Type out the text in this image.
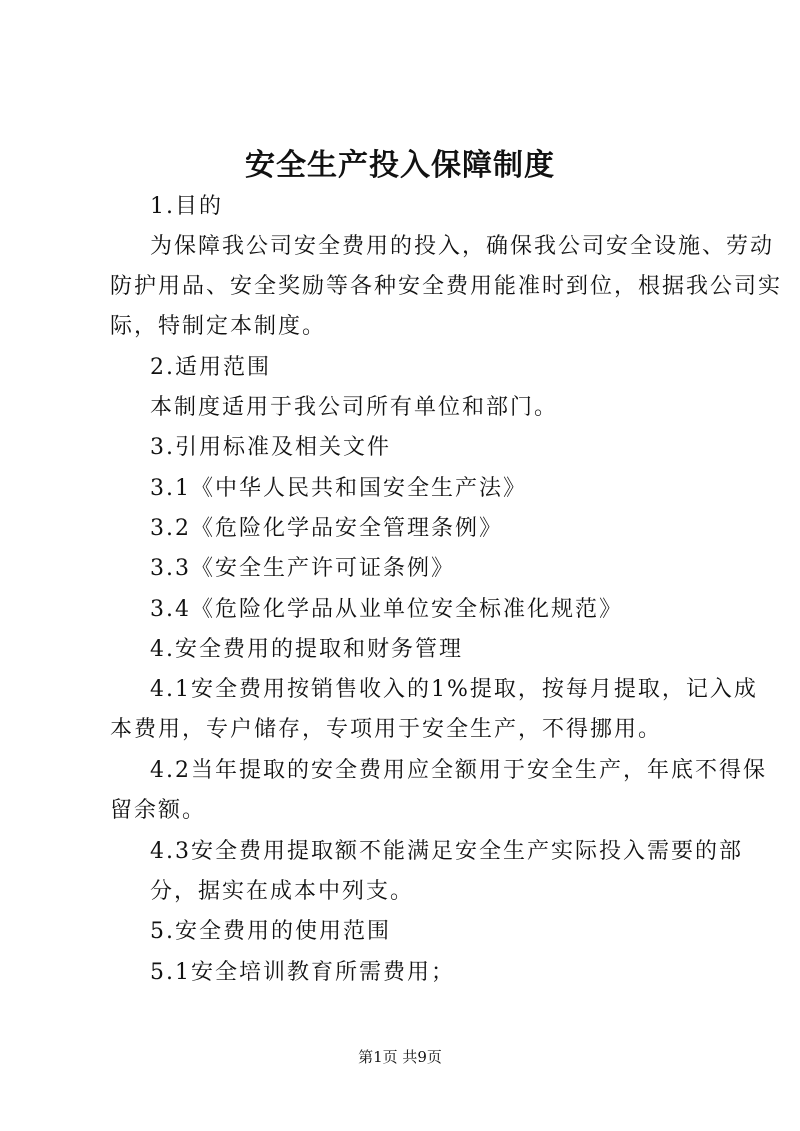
安全生产投入保障制度
1.目的
为保障我公司安全费用的投入，确保我公司安全设施、劳动
防护用品、安全奖励等各种安全费用能准时到位，根据我公司实
际，特制定本制度。
2.适用范围
本制度适用于我公司所有单位和部门。
3.引用标准及相关文件
3.1《中华人民共和国安全生产法》
3.2《危险化学品安全管理条例》
3.3《安全生产许可证条例》
3.4《危险化学品从业单位安全标准化规范》
4.安全费用的提取和财务管理
4.1安全费用按销售收入的1%提取，按每月提取，记入成
本费用，专户储存，专项用于安全生产，不得挪用。
4.2当年提取的安全费用应全额用于安全生产，年底不得保
留余额。
4.3安全费用提取额不能满足安全生产实际投入需要的部
分，据实在成本中列支。
5.安全费用的使用范围
5.1安全培训教育所需费用；
第1页 共9页
